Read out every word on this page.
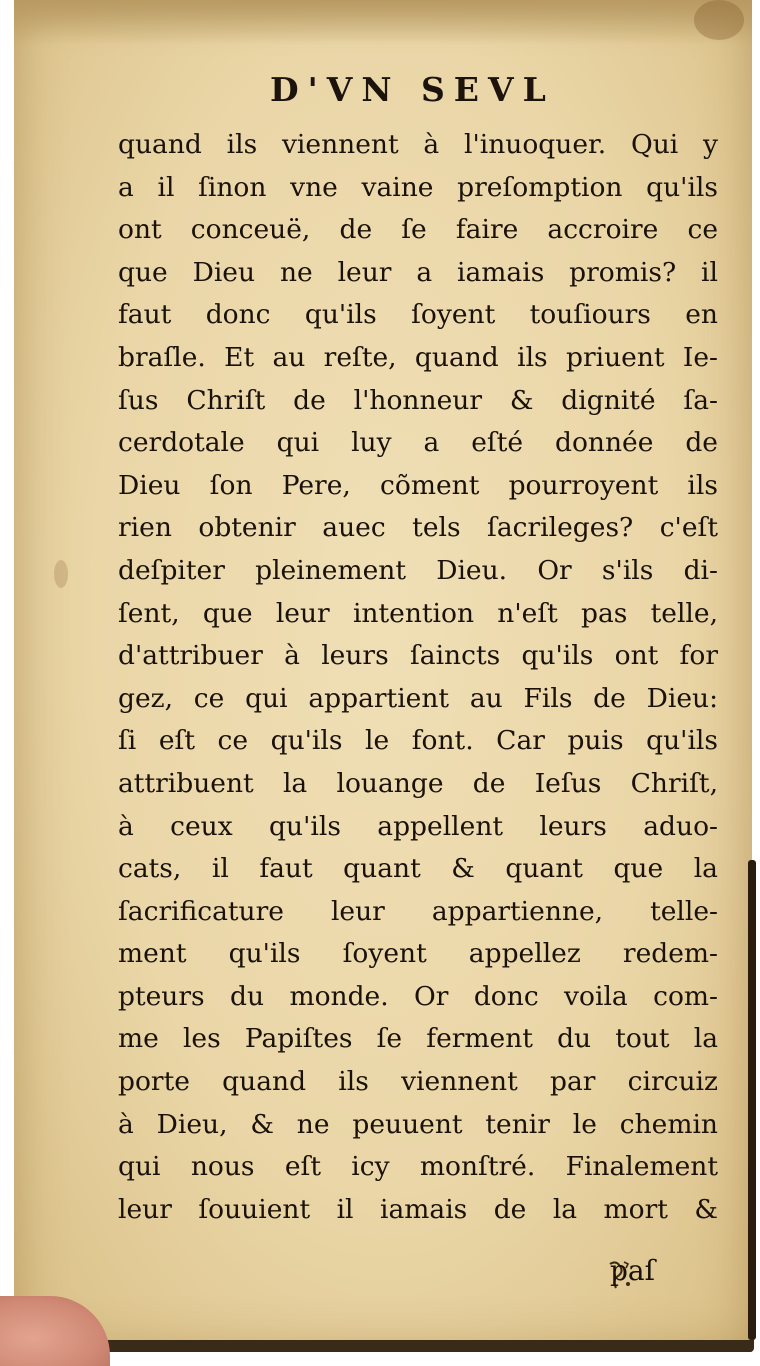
D'VN SEVL
quand ils viennent à l'inuoquer. Qui y
a il ſinon vne vaine preſomption qu'ils
ont conceuë, de ſe faire accroire ce
que Dieu ne leur a iamais promis? il
faut donc qu'ils ſoyent touſiours en
braſle. Et au reſte, quand ils priuent Ie-
ſus Chriſt de l'honneur & dignité ſa-
cerdotale qui luy a eſté donnée de
Dieu ſon Pere, cõment pourroyent ils
rien obtenir auec tels ſacrileges? c'eſt
deſpiter pleinement Dieu. Or s'ils di-
ſent, que leur intention n'eſt pas telle,
d'attribuer à leurs ſaincts qu'ils ont for
gez, ce qui appartient au Fils de Dieu:
ſi eſt ce qu'ils le font. Car puis qu'ils
attribuent la louange de Ieſus Chriſt,
à ceux qu'ils appellent leurs aduo-
cats, il faut quant & quant que la
ſacrificature leur appartienne, telle-
ment qu'ils ſoyent appellez redem-
pteurs du monde. Or donc voila com-
me les Papiſtes ſe ferment du tout la
porte quand ils viennent par circuiz
à Dieu, & ne peuuent tenir le chemin
qui nous eſt icy monſtré. Finalement
leur ſouuient il iamais de la mort &
paſ
